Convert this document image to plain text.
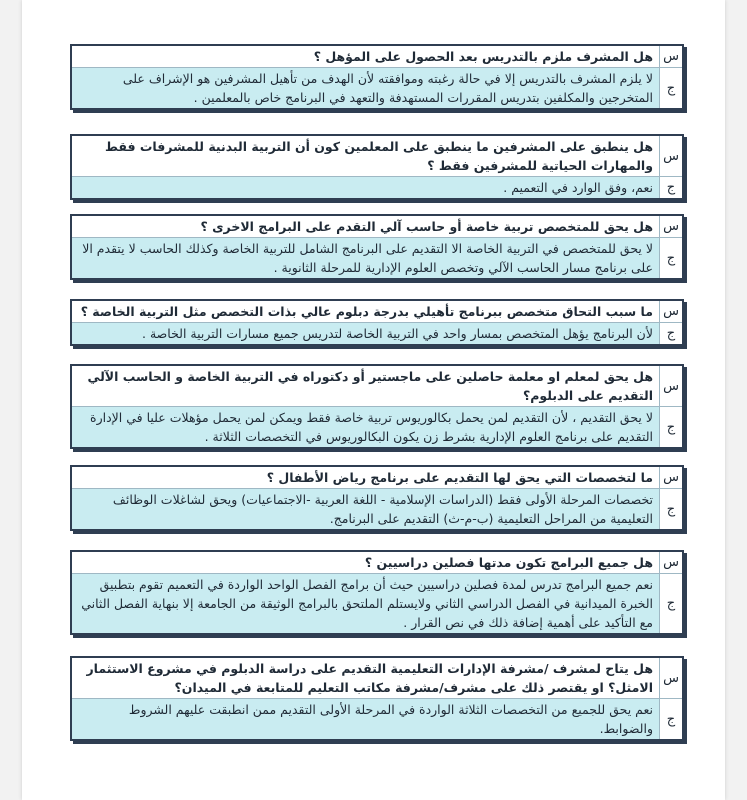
س
هل المشرف ملزم بالتدريس بعد الحصول على المؤهل ؟
ج
لا يلزم المشرف بالتدريس إلا في حالة رغبته وموافقته لأن الهدف من تأهيل المشرفين هو الإشراف على المتخرجين والمكلفين بتدريس المقررات المستهدفة والتعهد في البرنامج خاص بالمعلمين .
س
هل ينطبق على المشرفين ما ينطبق على المعلمين كون أن التربية البدنية للمشرفات فقط والمهارات الحياتية للمشرفين فقط ؟
ج
نعم، وفق الوارد في التعميم .
س
هل يحق للمتخصص تربية خاصة أو حاسب آلي التقدم على البرامج الاخرى ؟
ج
لا يحق للمتخصص في التربية الخاصة الا التقديم على البرنامج الشامل للتربية الخاصة وكذلك الحاسب لا يتقدم الا على برنامج مسار الحاسب الآلي وتخصص العلوم الإدارية للمرحلة الثانوية .
س
ما سبب التحاق متخصص ببرنامج تأهيلي بدرجة دبلوم عالي بذات التخصص مثل التربية الخاصة ؟
ج
لأن البرنامج يؤهل المتخصص بمسار واحد في التربية الخاصة لتدريس جميع مسارات التربية الخاصة .
س
هل يحق لمعلم او معلمة حاصلين على ماجستير أو دكتوراه في التربية الخاصة و الحاسب الآلي التقديم على الدبلوم؟
ج
لا يحق التقديم ، لأن التقديم لمن يحمل بكالوريوس تربية خاصة فقط ويمكن لمن يحمل مؤهلات عليا في الإدارة التقديم على برنامج العلوم الإدارية بشرط زن يكون البكالوريوس في التخصصات الثلاثة .
س
ما لتخصصات التي يحق لها التقديم على برنامج رياض الأطفال ؟
ج
تخصصات المرحلة الأولى فقط (الدراسات الإسلامية - اللغة العربية -الاجتماعيات) ويحق لشاغلات الوظائف التعليمية من المراحل التعليمية (ب-م-ث) التقديم على البرنامج.
س
هل جميع البرامج تكون مدتها فصلين دراسيين ؟
ج
نعم جميع البرامج تدرس لمدة فصلين دراسيين حيث أن برامج الفصل الواحد الواردة في التعميم تقوم بتطبيق الخبرة الميدانية في الفصل الدراسي الثاني ولايستلم الملتحق بالبرامج الوثيقة من الجامعة إلا بنهاية الفصل الثاني مع التأكيد على أهمية إضافة ذلك في نص القرار .
س
هل يتاح لمشرف /مشرفة الإدارات التعليمية التقديم على دراسة الدبلوم في مشروع الاستثمار الامثل؟ او يقتصر ذلك على مشرف/مشرفة مكاتب التعليم للمتابعة في الميدان؟
ج
نعم يحق للجميع من التخصصات الثلاثة الواردة في المرحلة الأولى التقديم ممن انطبقت عليهم الشروط والضوابط.
